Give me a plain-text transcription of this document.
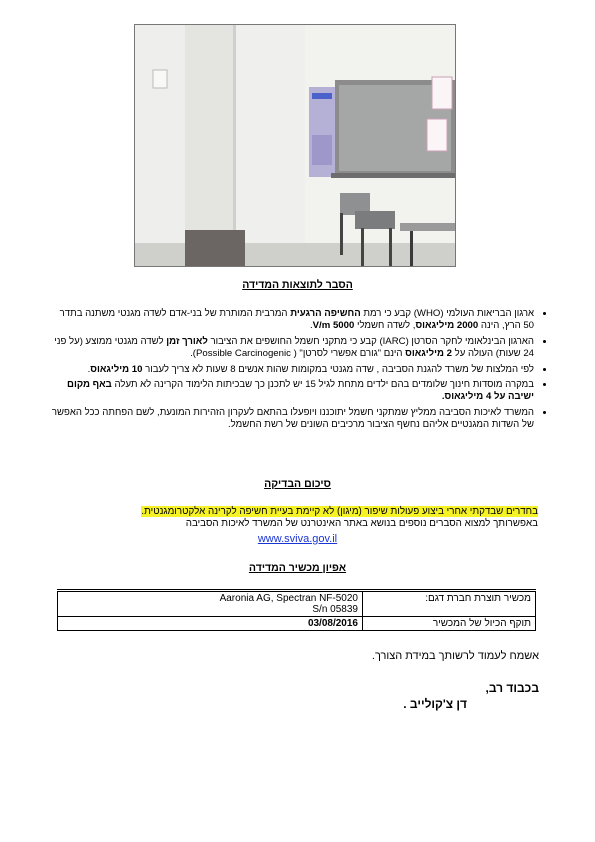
הסבר לתוצאות המדידה
• ארגון הבריאות העולמי (WHO) קבע כי רמת החשיפה הרגעית המרבית המותרת של בני-אדם לשדה מגנטי משתנה בתדר 50 הרץ, הינה 2000 מיליגאוס, לשדה חשמלי 5000 V/m.
• הארגון הבינלאומי לחקר הסרטן (IARC) קבע כי מתקני חשמל החושפים את הציבור לאורך זמן לשדה מגנטי ממוצע (על פני 24 שעות) העולה על 2 מיליגאוס הינם "גורם אפשרי לסרטן" ( Possible Carcinogenic).
• לפי המלצות של משרד להגנת הסביבה , שדה מגנטי במקומות שהות אנשים 8 שעות לא צריך לעבור 10 מיליגאוס.
• במקרה מוסדות חינוך שלומדים בהם ילדים מתחת לגיל 15 יש לתכנן כך שבכיתות הלימוד הקרינה לא תעלה באף מקום ישיבה על 4 מיליגאוס.
• המשרד לאיכות הסביבה ממליץ שמתקני חשמל יתוכננו ויופעלו בהתאם לעקרון הזהירות המונעת, לשם הפחתה ככל האפשר של השדות המגנטיים אליהם נחשף הציבור מרכיבים השונים של רשת החשמל.
סיכום הבדיקה
בחדרים שבדקתי אחרי ביצוע פעולות שיפור (מיגון) לא קיימת בעיית חשיפה לקרינה אלקטרומגנטית.
באפשרותך למצוא הסברים נוספים בנושא באתר האינטרנט של המשרד לאיכות הסביבה
www.sviva.gov.il
אפיון מכשיר המדידה
מכשיר תוצרת חברת דגם:	Aaronia AG, Spectran NF-5020
S/n 05839

תוקף הכיול של המכשיר	03/08/2016
אשמח לעמוד לרשותך במידת הצורך.
בכבוד רב,
דן צ'קולייב .
